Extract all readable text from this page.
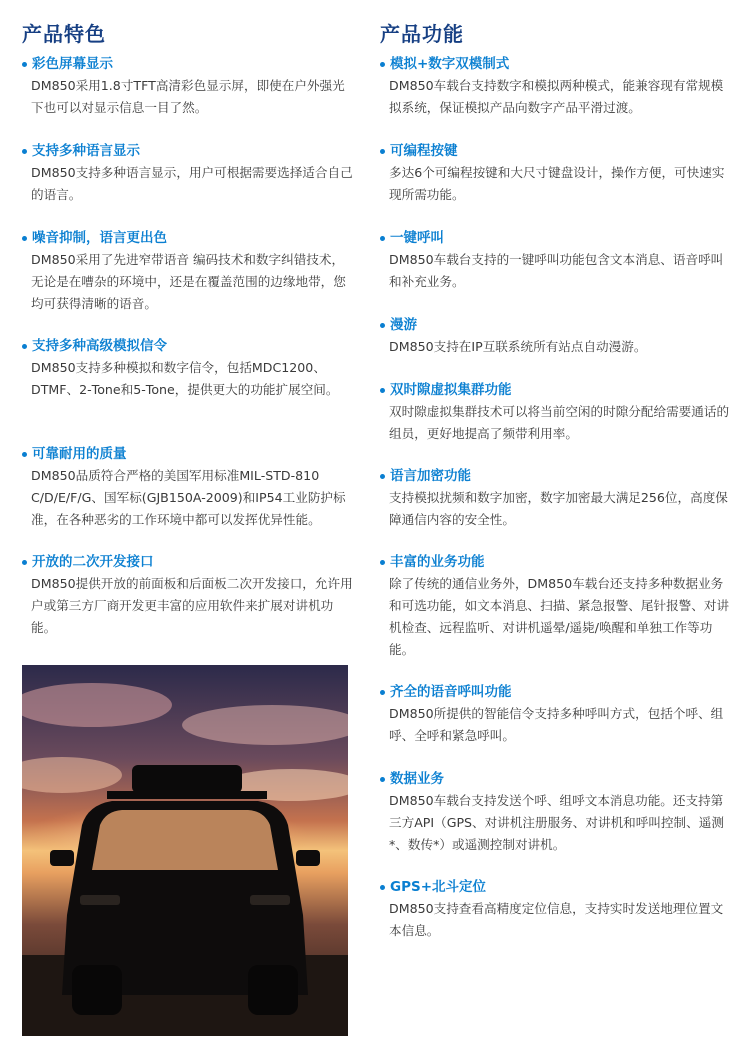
产品特色
彩色屏幕显示
DM850采用1.8寸TFT高清彩色显示屏，即使在户外强光下也可以对显示信息一目了然。
支持多种语言显示
DM850支持多种语言显示，用户可根据需要选择适合自己的语言。
噪音抑制，语言更出色
DM850采用了先进窄带语音 编码技术和数字纠错技术，无论是在嘈杂的环境中，还是在覆盖范围的边缘地带，您均可获得清晰的语音。
支持多种高级模拟信令
DM850支持多种模拟和数字信令，包括MDC1200、DTMF、2-Tone和5-Tone，提供更大的功能扩展空间。
可靠耐用的质量
DM850品质符合严格的美国军用标准MIL-STD-810 C/D/E/F/G、国军标(GJB150A-2009)和IP54工业防护标准，在各种恶劣的工作环境中都可以发挥优异性能。
开放的二次开发接口
DM850提供开放的前面板和后面板二次开发接口，允许用户或第三方厂商开发更丰富的应用软件来扩展对讲机功能。
产品功能
模拟+数字双模制式
DM850车载台支持数字和模拟两种模式，能兼容现有常规模拟系统，保证模拟产品向数字产品平滑过渡。
可编程按键
多达6个可编程按键和大尺寸键盘设计，操作方便，可快速实现所需功能。
一键呼叫
DM850车载台支持的一键呼叫功能包含文本消息、语音呼叫和补充业务。
漫游
DM850支持在IP互联系统所有站点自动漫游。
双时隙虚拟集群功能
双时隙虚拟集群技术可以将当前空闲的时隙分配给需要通话的组员，更好地提高了频带利用率。
语言加密功能
支持模拟扰频和数字加密，数字加密最大满足256位，高度保障通信内容的安全性。
丰富的业务功能
除了传统的通信业务外，DM850车载台还支持多种数据业务和可选功能，如文本消息、扫描、紧急报警、尾针报警、对讲机检查、远程监听、对讲机遥晕/遥毙/唤醒和单独工作等功能。
齐全的语音呼叫功能
DM850所提供的智能信令支持多种呼叫方式，包括个呼、组呼、全呼和紧急呼叫。
数据业务
DM850车载台支持发送个呼、组呼文本消息功能。还支持第三方API（GPS、对讲机注册服务、对讲机和呼叫控制、遥测*、数传*）或遥测控制对讲机。
GPS+北斗定位
DM850支持查看高精度定位信息，支持实时发送地理位置文本信息。
